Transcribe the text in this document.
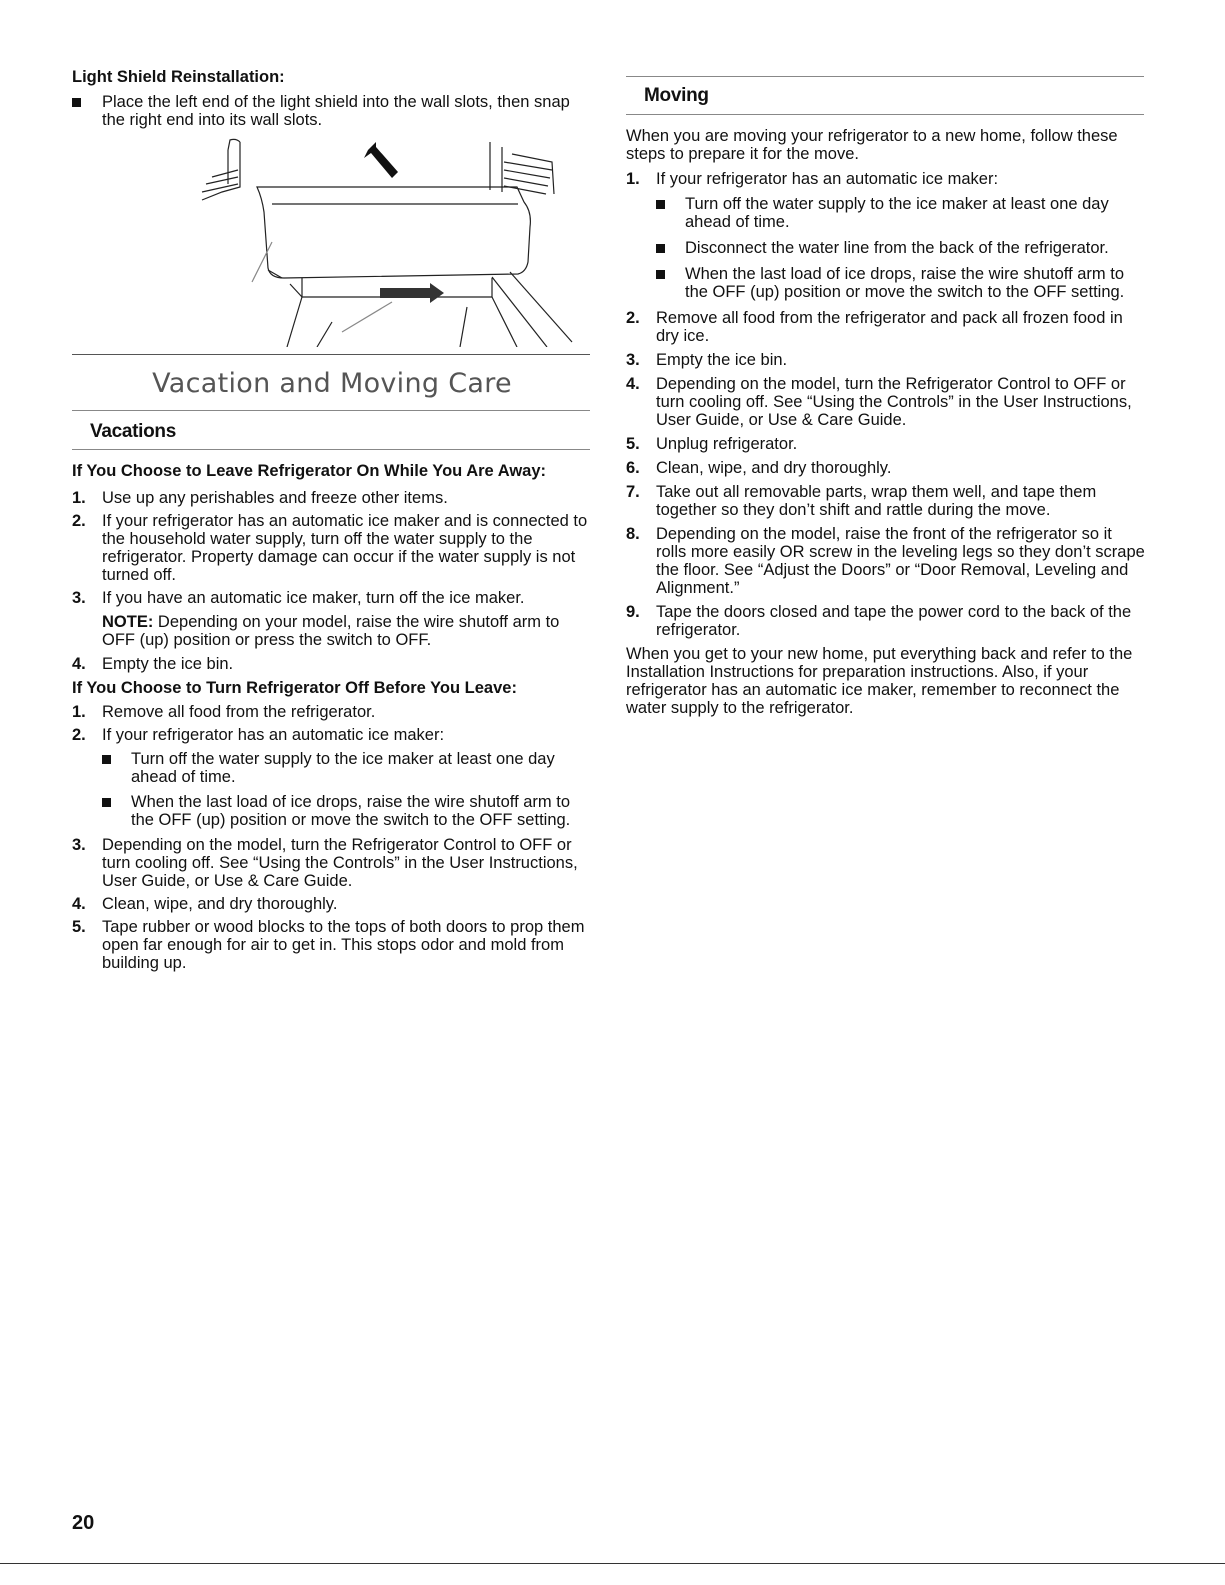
Light Shield Reinstallation:
Place the left end of the light shield into the wall slots, then snap the right end into its wall slots.
Vacation and Moving Care
Vacations
If You Choose to Leave Refrigerator On While You Are Away:
1. Use up any perishables and freeze other items.
2. If your refrigerator has an automatic ice maker and is connected to the household water supply, turn off the water supply to the refrigerator. Property damage can occur if the water supply is not turned off.
3. If you have an automatic ice maker, turn off the ice maker.
NOTE: Depending on your model, raise the wire shutoff arm to OFF (up) position or press the switch to OFF.
4. Empty the ice bin.
If You Choose to Turn Refrigerator Off Before You Leave:
1. Remove all food from the refrigerator.
2. If your refrigerator has an automatic ice maker:
Turn off the water supply to the ice maker at least one day ahead of time.
When the last load of ice drops, raise the wire shutoff arm to the OFF (up) position or move the switch to the OFF setting.
3. Depending on the model, turn the Refrigerator Control to OFF or turn cooling off. See “Using the Controls” in the User Instructions, User Guide, or Use & Care Guide.
4. Clean, wipe, and dry thoroughly.
5. Tape rubber or wood blocks to the tops of both doors to prop them open far enough for air to get in. This stops odor and mold from building up.
Moving
When you are moving your refrigerator to a new home, follow these steps to prepare it for the move.
1. If your refrigerator has an automatic ice maker:
Turn off the water supply to the ice maker at least one day ahead of time.
Disconnect the water line from the back of the refrigerator.
When the last load of ice drops, raise the wire shutoff arm to the OFF (up) position or move the switch to the OFF setting.
2. Remove all food from the refrigerator and pack all frozen food in dry ice.
3. Empty the ice bin.
4. Depending on the model, turn the Refrigerator Control to OFF or turn cooling off. See “Using the Controls” in the User Instructions, User Guide, or Use & Care Guide.
5. Unplug refrigerator.
6. Clean, wipe, and dry thoroughly.
7. Take out all removable parts, wrap them well, and tape them together so they don’t shift and rattle during the move.
8. Depending on the model, raise the front of the refrigerator so it rolls more easily OR screw in the leveling legs so they don’t scrape the floor. See “Adjust the Doors” or “Door Removal, Leveling and Alignment.”
9. Tape the doors closed and tape the power cord to the back of the refrigerator.
When you get to your new home, put everything back and refer to the Installation Instructions for preparation instructions. Also, if your refrigerator has an automatic ice maker, remember to reconnect the water supply to the refrigerator.
20
